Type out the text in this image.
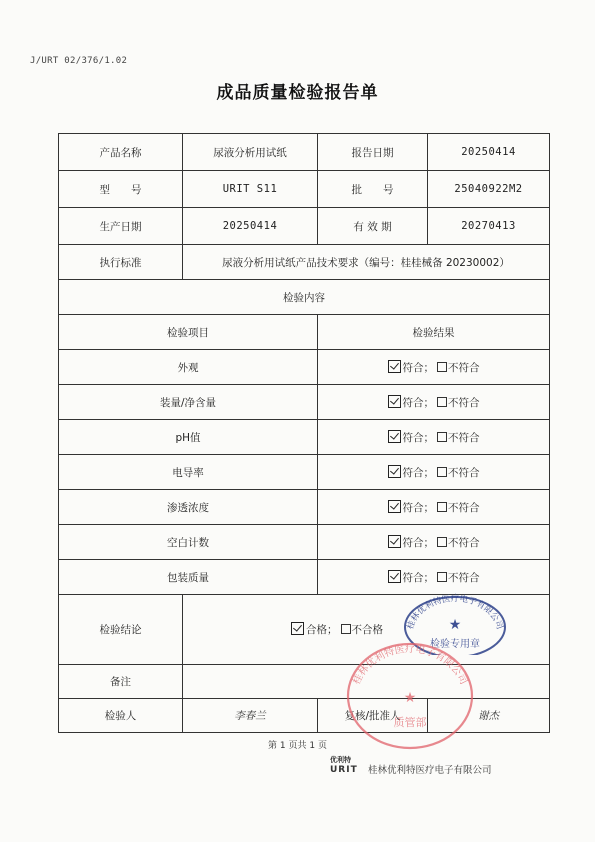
J/URT 02/376/1.02
成品质量检验报告单
产品名称	尿液分析用试纸	报告日期	20250414
型　　号	URIT S11	批　　号	25040922M2
生产日期	20250414	有 效 期	20270413
执行标准	尿液分析用试纸产品技术要求（编号：桂桂械备 20230002）		
检验内容			
检验项目		检验结果	
外观		符合； 不符合	
装量/净含量		符合； 不符合	
pH值		符合； 不符合	
电导率		符合； 不符合	
渗透浓度		符合； 不符合	
空白计数		符合； 不符合	
包装质量		符合； 不符合	
检验结论	合格； 不合格		
备注			
检验人	李春兰	复核/批准人	谢杰
桂林优利特医疗电子有限公司
★
检验专用章
桂林优利特医疗电子有限公司
★
质管部
第 1 页共 1 页
优利特
URIT 桂林优利特医疗电子有限公司
